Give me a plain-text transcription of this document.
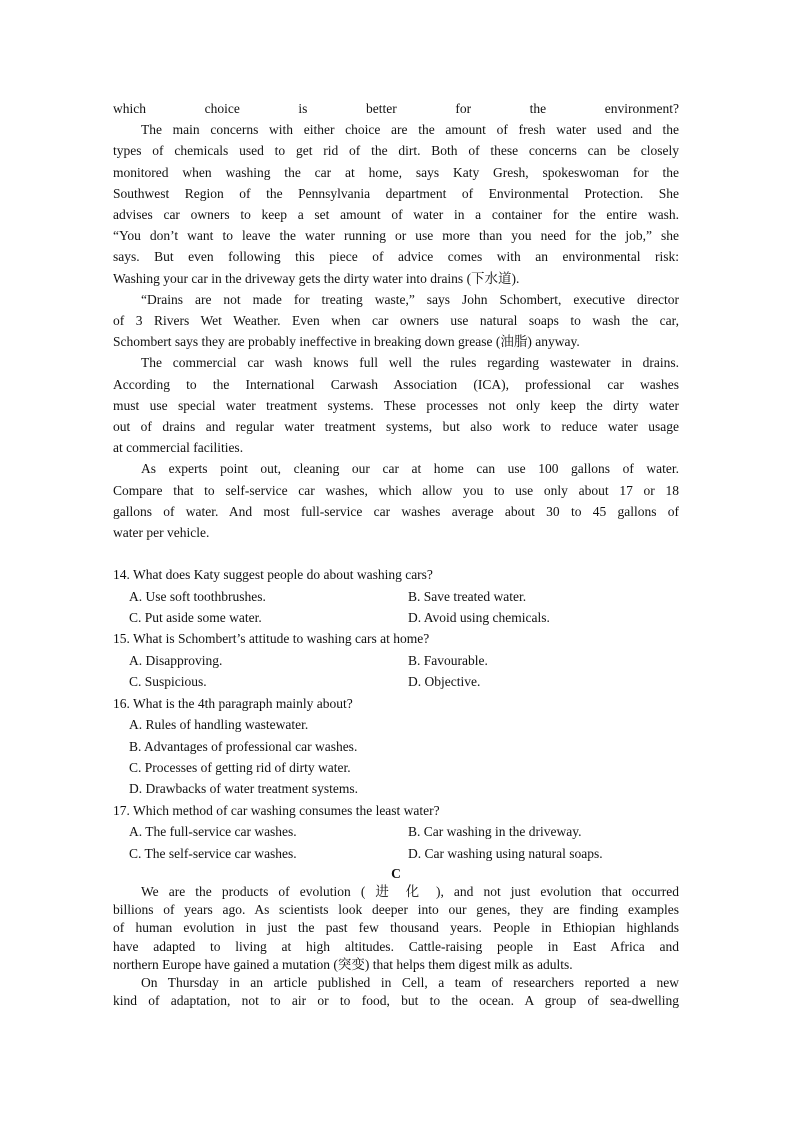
which choice is better for the environment?
The main concerns with either choice are the amount of fresh water used and the
types of chemicals used to get rid of the dirt. Both of these concerns can be closely
monitored when washing the car at home, says Katy Gresh, spokeswoman for the
Southwest Region of the Pennsylvania department of Environmental Protection. She
advises car owners to keep a set amount of water in a container for the entire wash.
“You don’t want to leave the water running or use more than you need for the job,” she
says. But even following this piece of advice comes with an environmental risk:
Washing your car in the driveway gets the dirty water into drains (下水道).
“Drains are not made for treating waste,” says John Schombert, executive director
of 3 Rivers Wet Weather. Even when car owners use natural soaps to wash the car,
Schombert says they are probably ineffective in breaking down grease (油脂) anyway.
The commercial car wash knows full well the rules regarding wastewater in drains.
According to the International Carwash Association (ICA), professional car washes
must use special water treatment systems. These processes not only keep the dirty water
out of drains and regular water treatment systems, but also work to reduce water usage
at commercial facilities.
As experts point out, cleaning our car at home can use 100 gallons of water.
Compare that to self-service car washes, which allow you to use only about 17 or 18
gallons of water. And most full-service car washes average about 30 to 45 gallons of
water per vehicle.
14. What does Katy suggest people do about washing cars?
A. Use soft toothbrushes.	B. Save treated water.
C. Put aside some water.	D. Avoid using chemicals.
15. What is Schombert’s attitude to washing cars at home?
A. Disapproving.	B. Favourable.
C. Suspicious.	D. Objective.
16. What is the 4th paragraph mainly about?
A. Rules of handling wastewater.
B. Advantages of professional car washes.
C. Processes of getting rid of dirty water.
D. Drawbacks of water treatment systems.
17. Which method of car washing consumes the least water?
A. The full-service car washes.	B. Car washing in the driveway.
C. The self-service car washes.	D. Car washing using natural soaps.
C
We are the products of evolution ( 进 化 ), and not just evolution that occurred
billions of years ago. As scientists look deeper into our genes, they are finding examples
of human evolution in just the past few thousand years. People in Ethiopian highlands
have adapted to living at high altitudes. Cattle-raising people in East Africa and
northern Europe have gained a mutation (突变) that helps them digest milk as adults.
On Thursday in an article published in Cell, a team of researchers reported a new
kind of adaptation, not to air or to food, but to the ocean. A group of sea-dwelling
